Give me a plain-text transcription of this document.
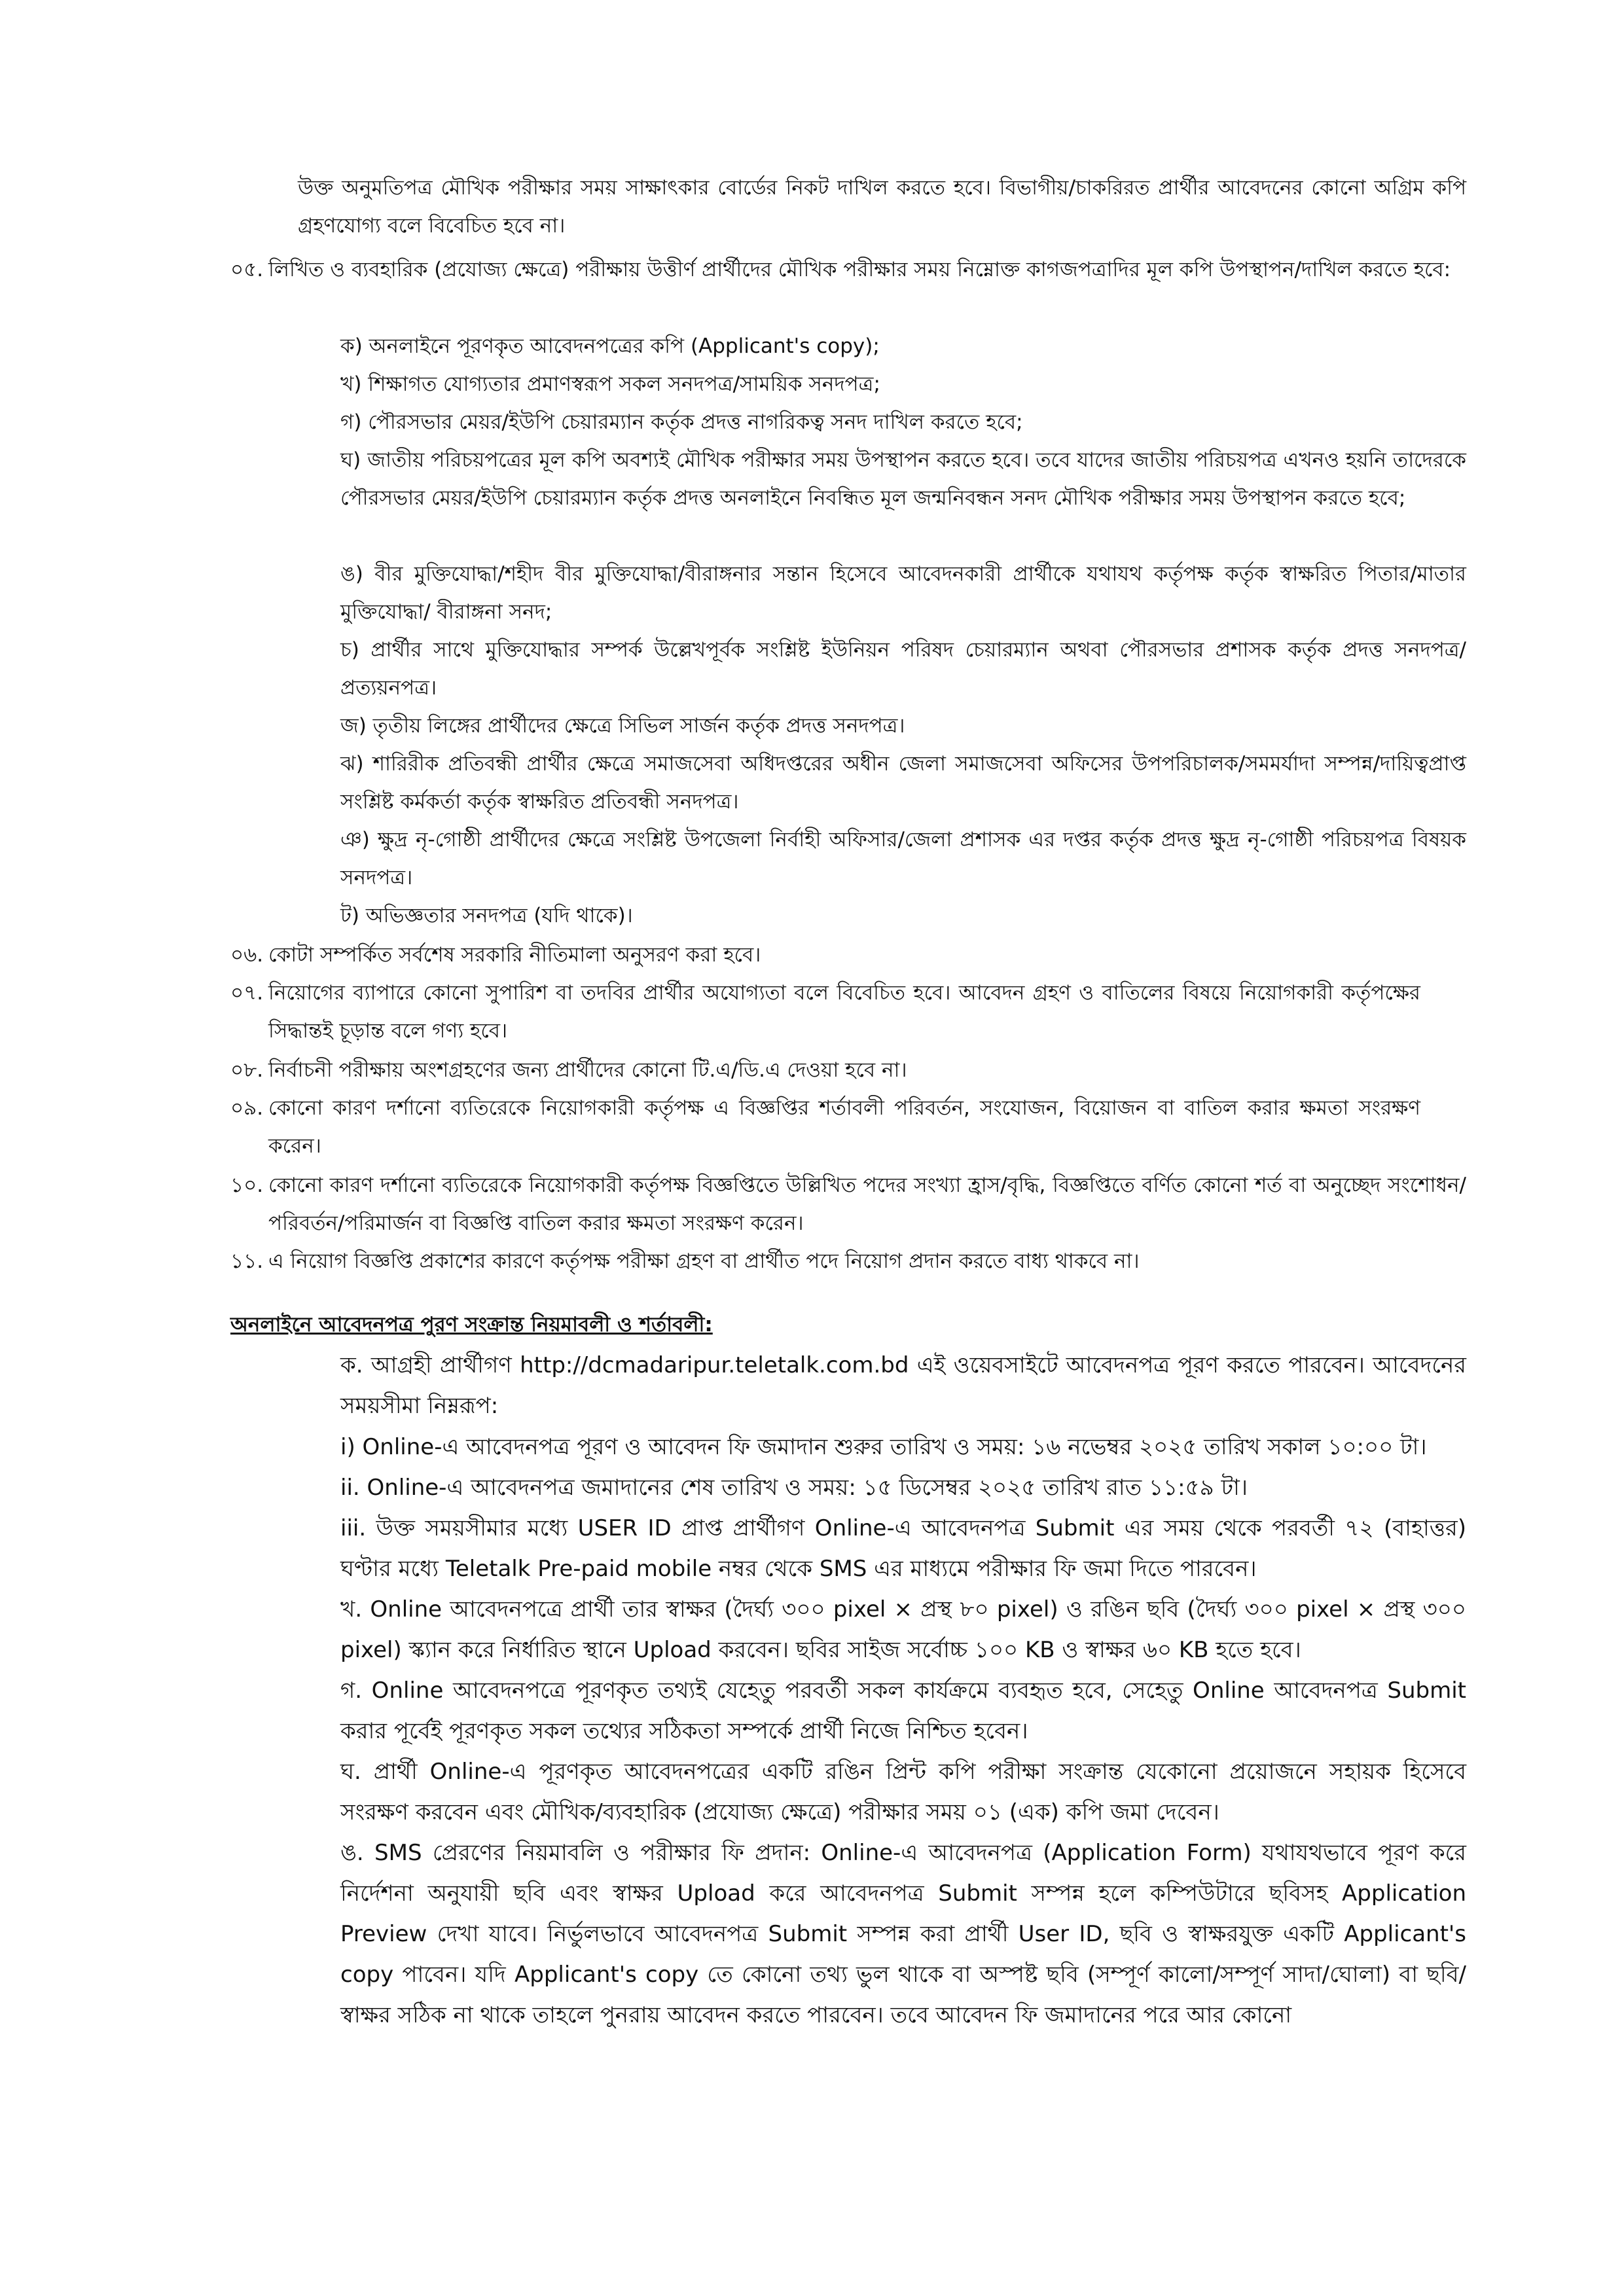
উক্ত অনুমতিপত্র মৌখিক পরীক্ষার সময় সাক্ষাৎকার বোর্ডের নিকট দাখিল করতে হবে। বিভাগীয়/চাকরিরত প্রার্থীর আবেদনের কোনো অগ্রিম কপি গ্রহণযোগ্য বলে বিবেচিত হবে না।
০৫. লিখিত ও ব্যবহারিক (প্রযোজ্য ক্ষেত্রে) পরীক্ষায় উত্তীর্ণ প্রার্থীদের মৌখিক পরীক্ষার সময় নিম্নোক্ত কাগজপত্রাদির মূল কপি উপস্থাপন/দাখিল করতে হবে:
ক) অনলাইনে পূরণকৃত আবেদনপত্রের কপি (Applicant's copy);
খ) শিক্ষাগত যোগ্যতার প্রমাণস্বরূপ সকল সনদপত্র/সাময়িক সনদপত্র;
গ) পৌরসভার মেয়র/ইউপি চেয়ারম্যান কর্তৃক প্রদত্ত নাগরিকত্ব সনদ দাখিল করতে হবে;
ঘ) জাতীয় পরিচয়পত্রের মূল কপি অবশ্যই মৌখিক পরীক্ষার সময় উপস্থাপন করতে হবে। তবে যাদের জাতীয় পরিচয়পত্র এখনও হয়নি তাদেরকে পৌরসভার মেয়র/ইউপি চেয়ারম্যান কর্তৃক প্রদত্ত অনলাইনে নিবন্ধিত মূল জন্মনিবন্ধন সনদ মৌখিক পরীক্ষার সময় উপস্থাপন করতে হবে;
ঙ) বীর মুক্তিযোদ্ধা/শহীদ বীর মুক্তিযোদ্ধা/বীরাঙ্গনার সন্তান হিসেবে আবেদনকারী প্রার্থীকে যথাযথ কর্তৃপক্ষ কর্তৃক স্বাক্ষরিত পিতার/মাতার মুক্তিযোদ্ধা/ বীরাঙ্গনা সনদ;
চ) প্রার্থীর সাথে মুক্তিযোদ্ধার সম্পর্ক উল্লেখপূর্বক সংশ্লিষ্ট ইউনিয়ন পরিষদ চেয়ারম্যান অথবা পৌরসভার প্রশাসক কর্তৃক প্রদত্ত সনদপত্র/প্রত্যয়নপত্র।
জ) তৃতীয় লিঙ্গের প্রার্থীদের ক্ষেত্রে সিভিল সার্জন কর্তৃক প্রদত্ত সনদপত্র।
ঝ) শারিরীক প্রতিবন্ধী প্রার্থীর ক্ষেত্রে সমাজসেবা অধিদপ্তরের অধীন জেলা সমাজসেবা অফিসের উপপরিচালক/সমমর্যাদা সম্পন্ন/দায়িত্বপ্রাপ্ত সংশ্লিষ্ট কর্মকর্তা কর্তৃক স্বাক্ষরিত প্রতিবন্ধী সনদপত্র।
ঞ) ক্ষুদ্র নৃ-গোষ্ঠী প্রার্থীদের ক্ষেত্রে সংশ্লিষ্ট উপজেলা নির্বাহী অফিসার/জেলা প্রশাসক এর দপ্তর কর্তৃক প্রদত্ত ক্ষুদ্র নৃ-গোষ্ঠী পরিচয়পত্র বিষয়ক সনদপত্র।
ট) অভিজ্ঞতার সনদপত্র (যদি থাকে)।
০৬. কোটা সম্পর্কিত সর্বশেষ সরকারি নীতিমালা অনুসরণ করা হবে।
০৭. নিয়োগের ব্যাপারে কোনো সুপারিশ বা তদবির প্রার্থীর অযোগ্যতা বলে বিবেচিত হবে। আবেদন গ্রহণ ও বাতিলের বিষয়ে নিয়োগকারী কর্তৃপক্ষের সিদ্ধান্তই চূড়ান্ত বলে গণ্য হবে।
০৮. নির্বাচনী পরীক্ষায় অংশগ্রহণের জন্য প্রার্থীদের কোনো টি.এ/ডি.এ দেওয়া হবে না।
০৯. কোনো কারণ দর্শানো ব্যতিরেকে নিয়োগকারী কর্তৃপক্ষ এ বিজ্ঞপ্তির শর্তাবলী পরিবর্তন, সংযোজন, বিয়োজন বা বাতিল করার ক্ষমতা সংরক্ষণ করেন।
১০. কোনো কারণ দর্শানো ব্যতিরেকে নিয়োগকারী কর্তৃপক্ষ বিজ্ঞপ্তিতে উল্লিখিত পদের সংখ্যা হ্রাস/বৃদ্ধি, বিজ্ঞপ্তিতে বর্ণিত কোনো শর্ত বা অনুচ্ছেদ সংশোধন/পরিবর্তন/পরিমার্জন বা বিজ্ঞপ্তি বাতিল করার ক্ষমতা সংরক্ষণ করেন।
১১. এ নিয়োগ বিজ্ঞপ্তি প্রকাশের কারণে কর্তৃপক্ষ পরীক্ষা গ্রহণ বা প্রার্থীত পদে নিয়োগ প্রদান করতে বাধ্য থাকবে না।
অনলাইনে আবেদনপত্র পুরণ সংক্রান্ত নিয়মাবলী ও শর্তাবলী:
ক. আগ্রহী প্রার্থীগণ http://dcmadaripur.teletalk.com.bd এই ওয়েবসাইটে আবেদনপত্র পূরণ করতে পারবেন। আবেদনের সময়সীমা নিম্নরূপ:
i) Online-এ আবেদনপত্র পূরণ ও আবেদন ফি জমাদান শুরুর তারিখ ও সময়: ১৬ নভেম্বর ২০২৫ তারিখ সকাল ১০:০০ টা।
ii. Online-এ আবেদনপত্র জমাদানের শেষ তারিখ ও সময়: ১৫ ডিসেম্বর ২০২৫ তারিখ রাত ১১:৫৯ টা।
iii. উক্ত সময়সীমার মধ্যে USER ID প্রাপ্ত প্রার্থীগণ Online-এ আবেদনপত্র Submit এর সময় থেকে পরবর্তী ৭২ (বাহাত্তর) ঘণ্টার মধ্যে Teletalk Pre-paid mobile নম্বর থেকে SMS এর মাধ্যমে পরীক্ষার ফি জমা দিতে পারবেন।
খ. Online আবেদনপত্রে প্রার্থী তার স্বাক্ষর (দৈর্ঘ্য ৩০০ pixel × প্রস্থ ৮০ pixel) ও রঙিন ছবি (দৈর্ঘ্য ৩০০ pixel × প্রস্থ ৩০০ pixel) স্ক্যান করে নির্ধারিত স্থানে Upload করবেন। ছবির সাইজ সর্বোচ্চ ১০০ KB ও স্বাক্ষর ৬০ KB হতে হবে।
গ. Online আবেদনপত্রে পূরণকৃত তথ্যই যেহেতু পরবর্তী সকল কার্যক্রমে ব্যবহৃত হবে, সেহেতু Online আবেদনপত্র Submit করার পূর্বেই পূরণকৃত সকল তথ্যের সঠিকতা সম্পর্কে প্রার্থী নিজে নিশ্চিত হবেন।
ঘ. প্রার্থী Online-এ পূরণকৃত আবেদনপত্রের একটি রঙিন প্রিন্ট কপি পরীক্ষা সংক্রান্ত যেকোনো প্রয়োজনে সহায়ক হিসেবে সংরক্ষণ করবেন এবং মৌখিক/ব্যবহারিক (প্রযোজ্য ক্ষেত্রে) পরীক্ষার সময় ০১ (এক) কপি জমা দেবেন।
ঙ. SMS প্রেরণের নিয়মাবলি ও পরীক্ষার ফি প্রদান: Online-এ আবেদনপত্র (Application Form) যথাযথভাবে পূরণ করে নির্দেশনা অনুযায়ী ছবি এবং স্বাক্ষর Upload করে আবেদনপত্র Submit সম্পন্ন হলে কম্পিউটারে ছবিসহ Application Preview দেখা যাবে। নির্ভুলভাবে আবেদনপত্র Submit সম্পন্ন করা প্রার্থী User ID, ছবি ও স্বাক্ষরযুক্ত একটি Applicant's copy পাবেন। যদি Applicant's copy তে কোনো তথ্য ভুল থাকে বা অস্পষ্ট ছবি (সম্পূর্ণ কালো/সম্পূর্ণ সাদা/ঘোলা) বা ছবি/স্বাক্ষর সঠিক না থাকে তাহলে পুনরায় আবেদন করতে পারবেন। তবে আবেদন ফি জমাদানের পরে আর কোনো
